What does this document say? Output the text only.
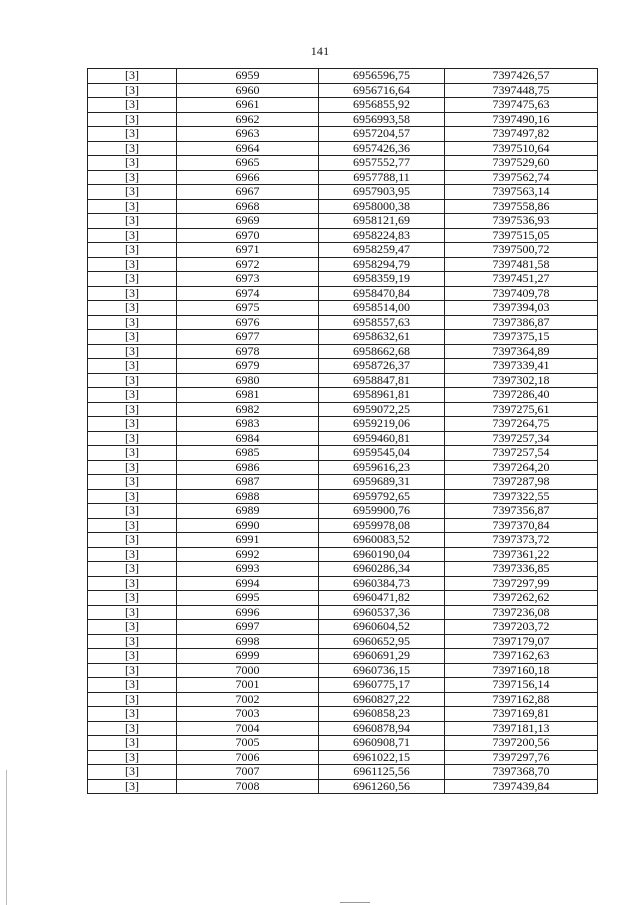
141
[3]	6959	6956596,75	7397426,57
[3]	6960	6956716,64	7397448,75
[3]	6961	6956855,92	7397475,63
[3]	6962	6956993,58	7397490,16
[3]	6963	6957204,57	7397497,82
[3]	6964	6957426,36	7397510,64
[3]	6965	6957552,77	7397529,60
[3]	6966	6957788,11	7397562,74
[3]	6967	6957903,95	7397563,14
[3]	6968	6958000,38	7397558,86
[3]	6969	6958121,69	7397536,93
[3]	6970	6958224,83	7397515,05
[3]	6971	6958259,47	7397500,72
[3]	6972	6958294,79	7397481,58
[3]	6973	6958359,19	7397451,27
[3]	6974	6958470,84	7397409,78
[3]	6975	6958514,00	7397394,03
[3]	6976	6958557,63	7397386,87
[3]	6977	6958632,61	7397375,15
[3]	6978	6958662,68	7397364,89
[3]	6979	6958726,37	7397339,41
[3]	6980	6958847,81	7397302,18
[3]	6981	6958961,81	7397286,40
[3]	6982	6959072,25	7397275,61
[3]	6983	6959219,06	7397264,75
[3]	6984	6959460,81	7397257,34
[3]	6985	6959545,04	7397257,54
[3]	6986	6959616,23	7397264,20
[3]	6987	6959689,31	7397287,98
[3]	6988	6959792,65	7397322,55
[3]	6989	6959900,76	7397356,87
[3]	6990	6959978,08	7397370,84
[3]	6991	6960083,52	7397373,72
[3]	6992	6960190,04	7397361,22
[3]	6993	6960286,34	7397336,85
[3]	6994	6960384,73	7397297,99
[3]	6995	6960471,82	7397262,62
[3]	6996	6960537,36	7397236,08
[3]	6997	6960604,52	7397203,72
[3]	6998	6960652,95	7397179,07
[3]	6999	6960691,29	7397162,63
[3]	7000	6960736,15	7397160,18
[3]	7001	6960775,17	7397156,14
[3]	7002	6960827,22	7397162,88
[3]	7003	6960858,23	7397169,81
[3]	7004	6960878,94	7397181,13
[3]	7005	6960908,71	7397200,56
[3]	7006	6961022,15	7397297,76
[3]	7007	6961125,56	7397368,70
[3]	7008	6961260,56	7397439,84
